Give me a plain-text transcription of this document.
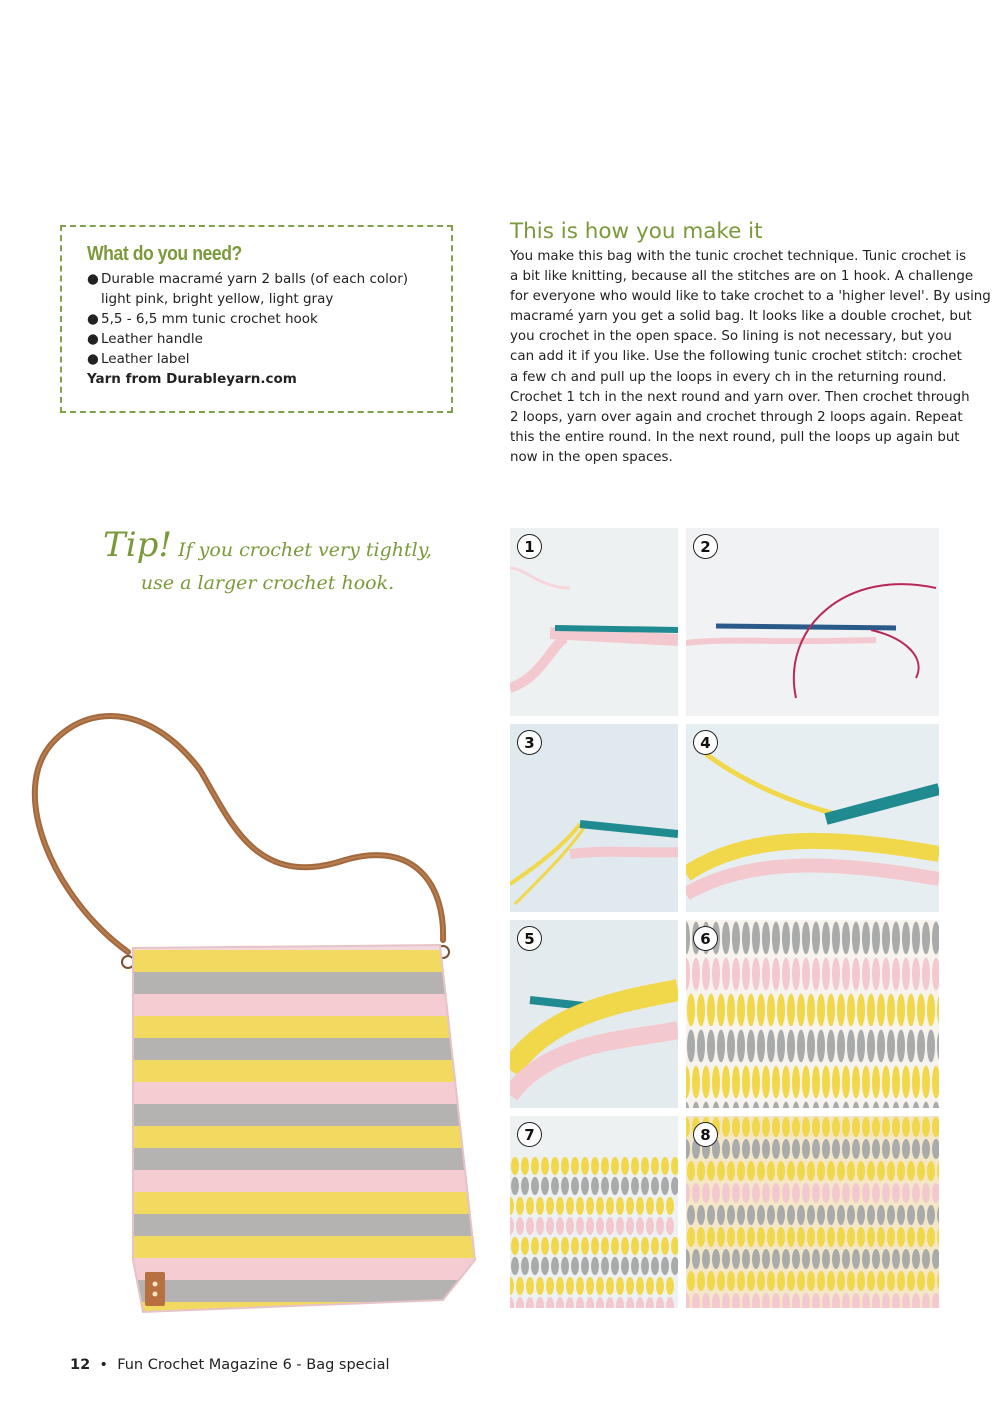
What do you need?
● Durable macramé yarn 2 balls (of each color)
light pink, bright yellow, light gray
● 5,5 - 6,5 mm tunic crochet hook
● Leather handle
● Leather label
Yarn from Durableyarn.com
This is how you make it
You make this bag with the tunic crochet technique. Tunic crochet is
a bit like knitting, because all the stitches are on 1 hook. A challenge
for everyone who would like to take crochet to a 'higher level'. By using
macramé yarn you get a solid bag. It looks like a double crochet, but
you crochet in the open space. So lining is not necessary, but you
can add it if you like. Use the following tunic crochet stitch: crochet
a few ch and pull up the loops in every ch in the returning round.
Crochet 1 tch in the next round and yarn over. Then crochet through
2 loops, yarn over again and crochet through 2 loops again. Repeat
this the entire round. In the next round, pull the loops up again but
now in the open spaces.
Tip! If you crochet very tightly,
use a larger crochet hook.
1	2
3	4
5	6
7	8
12 • Fun Crochet Magazine 6 - Bag special
